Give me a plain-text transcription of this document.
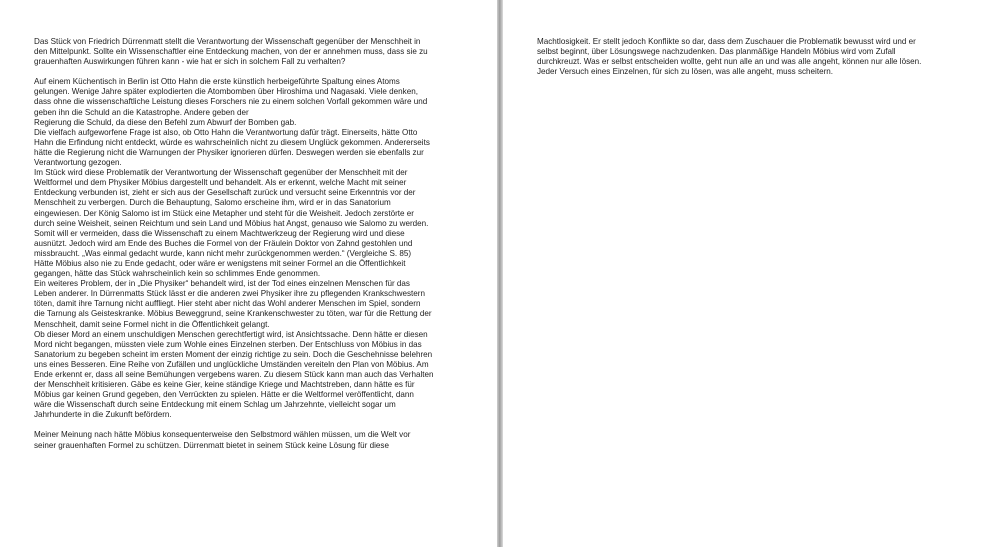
Das Stück von Friedrich Dürrenmatt stellt die Verantwortung der Wissenschaft gegenüber der Menschheit in
den Mittelpunkt. Sollte ein Wissenschaftler eine Entdeckung machen, von der er annehmen muss, dass sie zu
grauenhaften Auswirkungen führen kann - wie hat er sich in solchem Fall zu verhalten?

Auf einem Küchentisch in Berlin ist Otto Hahn die erste künstlich herbeigeführte Spaltung eines Atoms
gelungen. Wenige Jahre später explodierten die Atombomben über Hiroshima und Nagasaki. Viele denken,
dass ohne die wissenschaftliche Leistung dieses Forschers nie zu einem solchen Vorfall gekommen wäre und
geben ihn die Schuld an die Katastrophe. Andere geben der
Regierung die Schuld, da diese den Befehl zum Abwurf der Bomben gab.
Die vielfach aufgeworfene Frage ist also, ob Otto Hahn die Verantwortung dafür trägt. Einerseits, hätte Otto
Hahn die Erfindung nicht entdeckt, würde es wahrscheinlich nicht zu diesem Unglück gekommen. Andererseits
hätte die Regierung nicht die Warnungen der Physiker ignorieren dürfen. Deswegen werden sie ebenfalls zur
Verantwortung gezogen.
Im Stück wird diese Problematik der Verantwortung der Wissenschaft gegenüber der Menschheit mit der
Weltformel und dem Physiker Möbius dargestellt und behandelt. Als er erkennt, welche Macht mit seiner
Entdeckung verbunden ist, zieht er sich aus der Gesellschaft zurück und versucht seine Erkenntnis vor der
Menschheit zu verbergen. Durch die Behauptung, Salomo erscheine ihm, wird er in das Sanatorium
eingewiesen. Der König Salomo ist im Stück eine Metapher und steht für die Weisheit. Jedoch zerstörte er
durch seine Weisheit, seinen Reichtum und sein Land und Möbius hat Angst, genauso wie Salomo zu werden.
Somit will er vermeiden, dass die Wissenschaft zu einem Machtwerkzeug der Regierung wird und diese
ausnützt. Jedoch wird am Ende des Buches die Formel von der Fräulein Doktor von Zahnd gestohlen und
missbraucht. „Was einmal gedacht wurde, kann nicht mehr zurückgenommen werden.“ (Vergleiche S. 85)
Hätte Möbius also nie zu Ende gedacht, oder wäre er wenigstens mit seiner Formel an die Öffentlichkeit
gegangen, hätte das Stück wahrscheinlich kein so schlimmes Ende genommen.
Ein weiteres Problem, der in „Die Physiker“ behandelt wird, ist der Tod eines einzelnen Menschen für das
Leben anderer. In Dürrenmatts Stück lässt er die anderen zwei Physiker ihre zu pflegenden Krankschwestern
töten, damit ihre Tarnung nicht auffliegt. Hier steht aber nicht das Wohl anderer Menschen im Spiel, sondern
die Tarnung als Geisteskranke. Möbius Beweggrund, seine Krankenschwester zu töten, war für die Rettung der
Menschheit, damit seine Formel nicht in die Öffentlichkeit gelangt.
Ob dieser Mord an einem unschuldigen Menschen gerechtfertigt wird, ist Ansichtssache. Denn hätte er diesen
Mord nicht begangen, müssten viele zum Wohle eines Einzelnen sterben. Der Entschluss von Möbius in das
Sanatorium zu begeben scheint im ersten Moment der einzig richtige zu sein. Doch die Geschehnisse belehren
uns eines Besseren. Eine Reihe von Zufällen und unglückliche Umständen vereiteln den Plan von Möbius. Am
Ende erkennt er, dass all seine Bemühungen vergebens waren. Zu diesem Stück kann man auch das Verhalten
der Menschheit kritisieren. Gäbe es keine Gier, keine ständige Kriege und Machtstreben, dann hätte es für
Möbius gar keinen Grund gegeben, den Verrückten zu spielen. Hätte er die Weltformel veröffentlicht, dann
wäre die Wissenschaft durch seine Entdeckung mit einem Schlag um Jahrzehnte, vielleicht sogar um
Jahrhunderte in die Zukunft befördern.

Meiner Meinung nach hätte Möbius konsequenterweise den Selbstmord wählen müssen, um die Welt vor
seiner grauenhaften Formel zu schützen. Dürrenmatt bietet in seinem Stück keine Lösung für diese

Machtlosigkeit. Er stellt jedoch Konflikte so dar, dass dem Zuschauer die Problematik bewusst wird und er
selbst beginnt, über Lösungswege nachzudenken. Das planmäßige Handeln Möbius wird vom Zufall
durchkreuzt. Was er selbst entscheiden wollte, geht nun alle an und was alle angeht, können nur alle lösen.
Jeder Versuch eines Einzelnen, für sich zu lösen, was alle angeht, muss scheitern.
